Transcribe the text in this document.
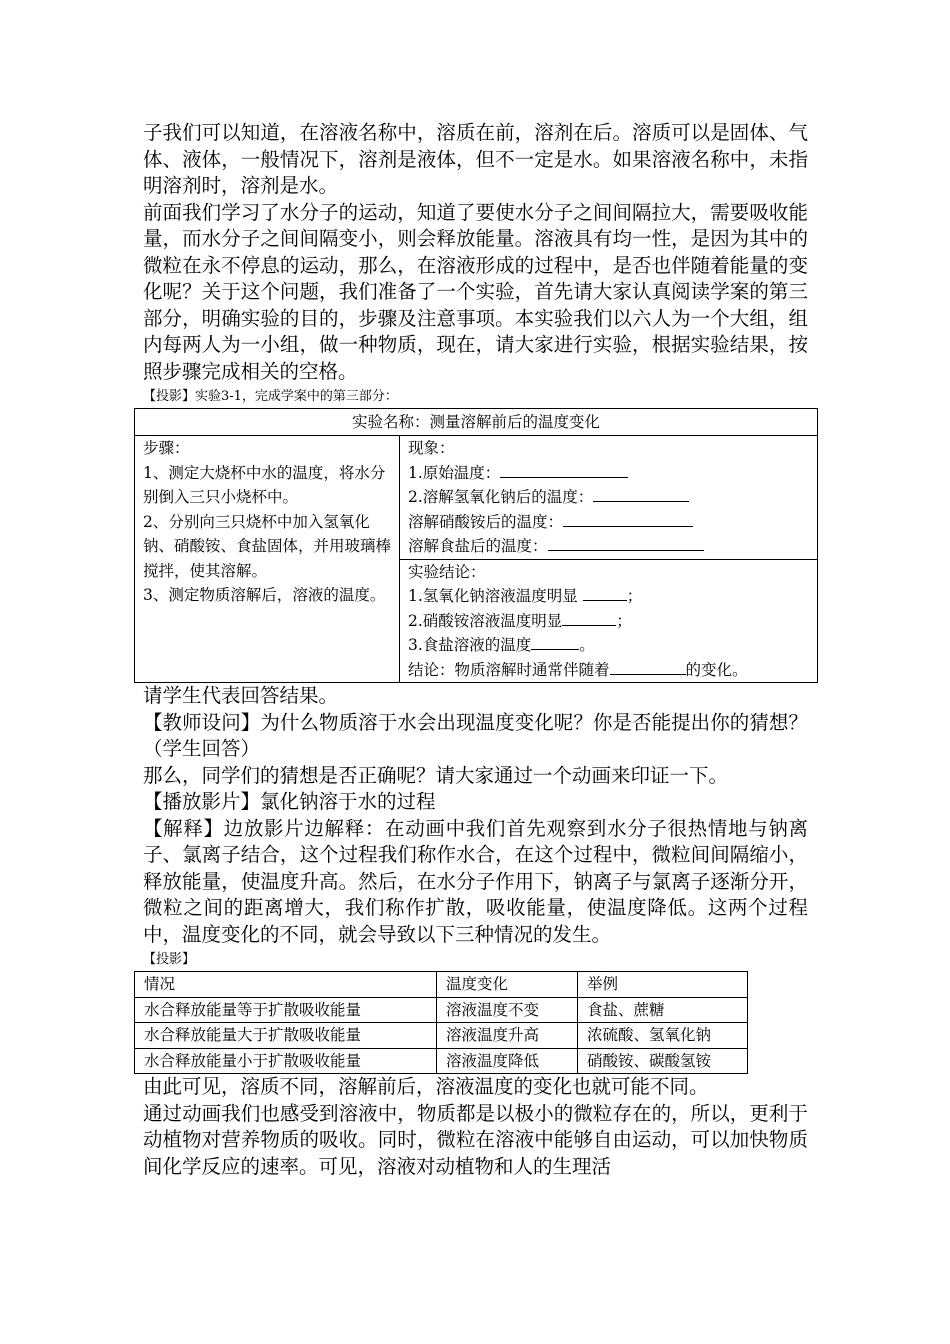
子我们可以知道，在溶液名称中，溶质在前，溶剂在后。溶质可以是固体、气体、液体，一般情况下，溶剂是液体，但不一定是水。如果溶液名称中，未指明溶剂时，溶剂是水。

前面我们学习了水分子的运动，知道了要使水分子之间间隔拉大，需要吸收能量，而水分子之间间隔变小，则会释放能量。溶液具有均一性，是因为其中的微粒在永不停息的运动，那么，在溶液形成的过程中，是否也伴随着能量的变化呢？关于这个问题，我们准备了一个实验，首先请大家认真阅读学案的第三部分，明确实验的目的，步骤及注意事项。本实验我们以六人为一个大组，组内每两人为一小组，做一种物质，现在，请大家进行实验，根据实验结果，按照步骤完成相关的空格。

【投影】实验3-1，完成学案中的第三部分：
实验名称：测量溶解前后的温度变化

步骤：
1、测定大烧杯中水的温度，将水分别倒入三只小烧杯中。
2、分别向三只烧杯中加入氢氧化钠、硝酸铵、食盐固体，并用玻璃棒搅拌，使其溶解。
3、测定物质溶解后，溶液的温度。

现象：
1.原始温度：
2.溶解氢氧化钠后的温度：
溶解硝酸铵后的温度：
溶解食盐后的温度：

实验结论：
1.氢氧化钠溶液温度明显	；
2.硝酸铵溶液温度明显	；
3.食盐溶液的温度	。
结论：物质溶解时通常伴随着	的变化。

请学生代表回答结果。

【教师设问】为什么物质溶于水会出现温度变化呢？你是否能提出你的猜想？（学生回答）

那么，同学们的猜想是否正确呢？请大家通过一个动画来印证一下。

【播放影片】氯化钠溶于水的过程

【解释】边放影片边解释：在动画中我们首先观察到水分子很热情地与钠离子、氯离子结合，这个过程我们称作水合，在这个过程中，微粒间间隔缩小，释放能量，使温度升高。然后，在水分子作用下，钠离子与氯离子逐渐分开，微粒之间的距离增大，我们称作扩散，吸收能量，使温度降低。这两个过程中，温度变化的不同，就会导致以下三种情况的发生。

【投影】
情况	温度变化	举例
水合释放能量等于扩散吸收能量	溶液温度不变	食盐、蔗糖
水合释放能量大于扩散吸收能量	溶液温度升高	浓硫酸、氢氧化钠
水合释放能量小于扩散吸收能量	溶液温度降低	硝酸铵、碳酸氢铵

由此可见，溶质不同，溶解前后，溶液温度的变化也就可能不同。

通过动画我们也感受到溶液中，物质都是以极小的微粒存在的，所以，更利于动植物对营养物质的吸收。同时，微粒在溶液中能够自由运动，可以加快物质间化学反应的速率。可见，溶液对动植物和人的生理活
